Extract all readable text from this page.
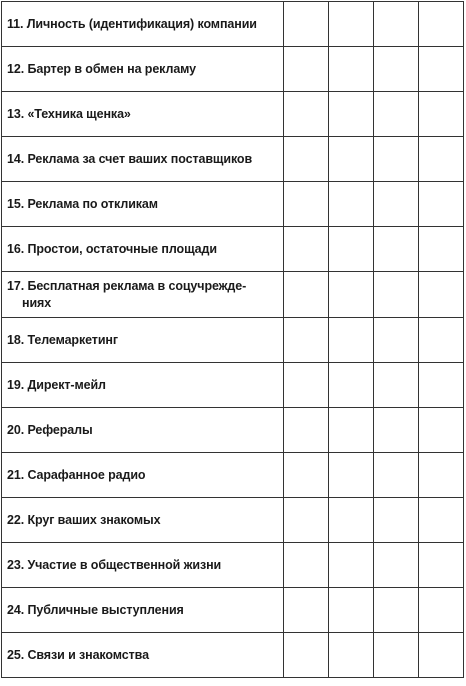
11. Личность (идентификация) компании				
12. Бартер в обмен на рекламу				
13. «Техника щенка»				
14. Реклама за счет ваших поставщиков				
15. Реклама по откликам				
16. Простои, остаточные площади				
17. Бесплатная реклама в соцучрежде-
ниях				

18. Телемаркетинг				
19. Директ-мейл				
20. Рефералы				
21. Сарафанное радио				
22. Круг ваших знакомых				
23. Участие в общественной жизни				
24. Публичные выступления				
25. Связи и знакомства				
